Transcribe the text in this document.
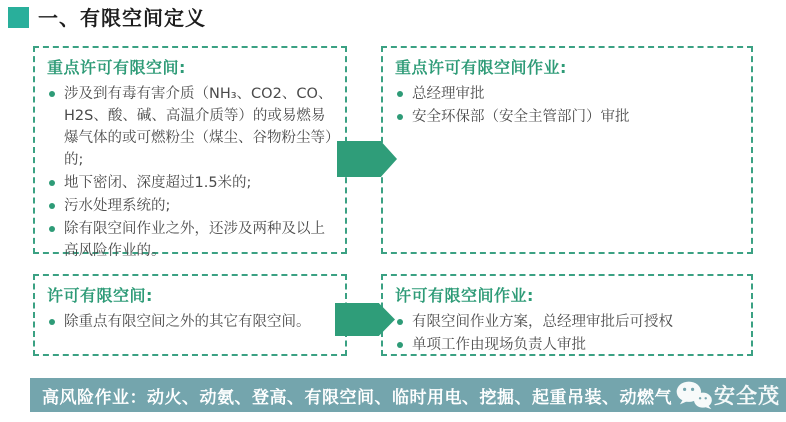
一、有限空间定义
重点许可有限空间:
涉及到有毒有害介质（NH₃、CO2、CO、H2S、酸、碱、高温介质等）的或易燃易爆气体的或可燃粉尘（煤尘、谷物粉尘等）的;
地下密闭、深度超过1.5米的;
污水处理系统的;
除有限空间作业之外，还涉及两种及以上高风险作业的。
重点许可有限空间作业:
总经理审批
安全环保部（安全主管部门）审批
许可有限空间:
除重点有限空间之外的其它有限空间。
许可有限空间作业:
有限空间作业方案，总经理审批后可授权
单项工作由现场负责人审批
高风险作业：动火、动氨、登高、有限空间、临时用电、挖掘、起重吊装、动燃气 安全茂
